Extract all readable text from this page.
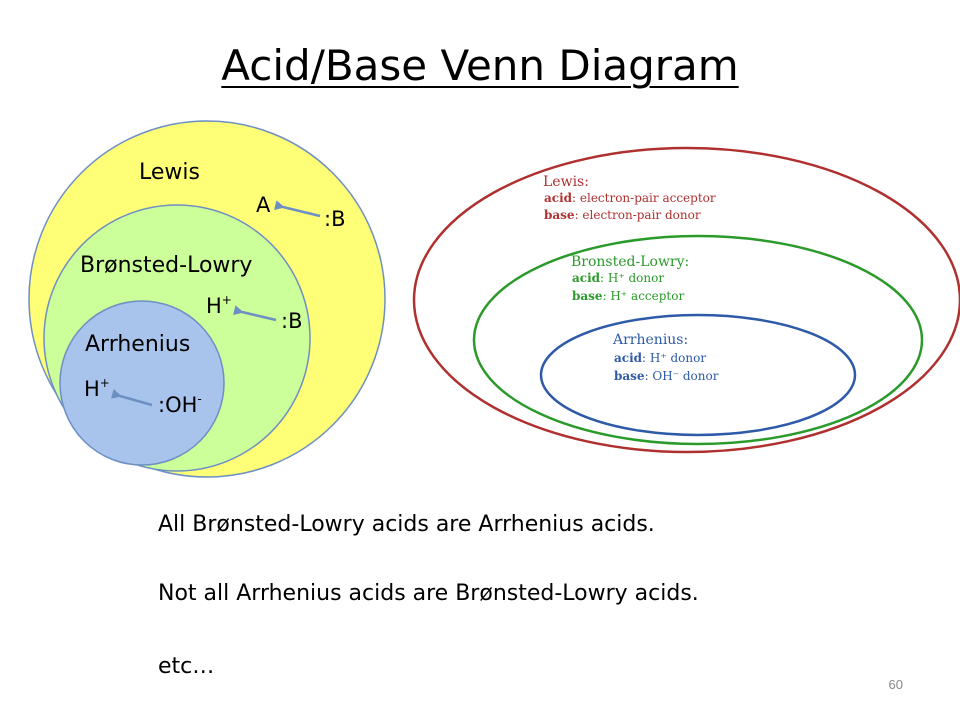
Acid/Base Venn Diagram
Lewis
A
:B
Brønsted-Lowry
H+
:B
Arrhenius
H+
:OH-
Lewis:
acid: electron-pair acceptor
base: electron-pair donor
Bronsted-Lowry:
acid: H⁺ donor
base: H⁺ acceptor
Arrhenius:
acid: H⁺ donor
base: OH⁻ donor
All Brønsted-Lowry acids are Arrhenius acids.
Not all Arrhenius acids are Brønsted-Lowry acids.
etc…
60
